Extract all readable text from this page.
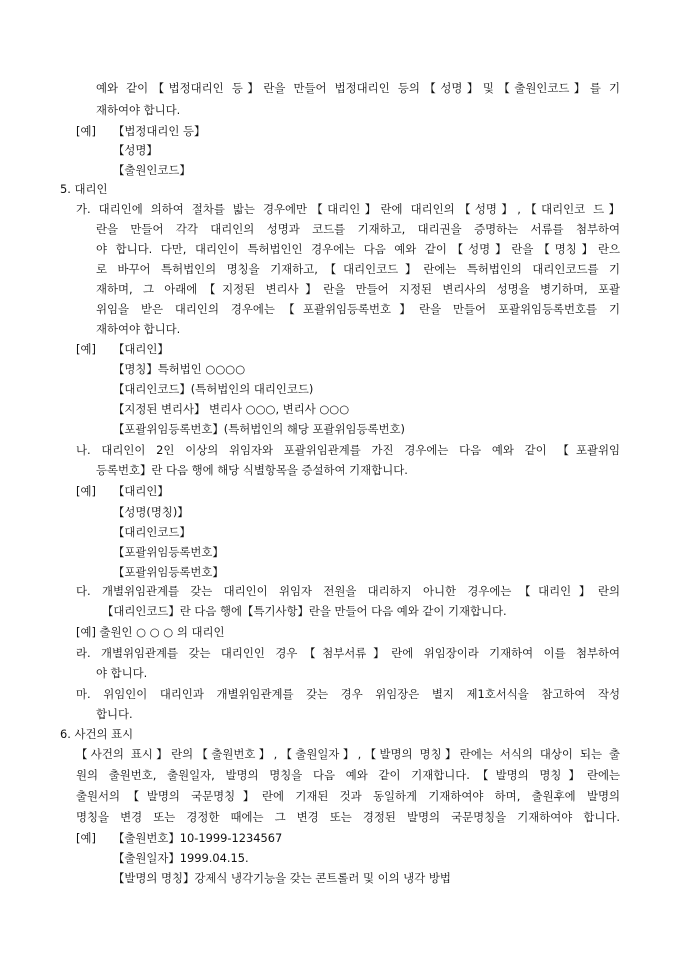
예와 같이【법정대리인 등】란을 만들어 법정대리인 등의【성명】및【출원인코드】를 기
재하여야 합니다.
[예] 【법정대리인 등】
【성명】
【출원인코드】
5. 대리인
가. 대리인에 의하여 절차를 밟는 경우에만【대리인】란에 대리인의【성명】,【대리인코 드】
란을 만들어 각각 대리인의 성명과 코드를 기재하고, 대리권을 증명하는 서류를 첨부하여
야 합니다. 다만, 대리인이 특허법인인 경우에는 다음 예와 같이【성명】란을【명칭】란으
로 바꾸어 특허법인의 명칭을 기재하고,【대리인코드】란에는 특허법인의 대리인코드를 기
재하며, 그 아래에【지정된 변리사】란을 만들어 지정된 변리사의 성명을 병기하며, 포괄
위임을 받은 대리인의 경우에는【포괄위임등록번호】란을 만들어 포괄위임등록번호를 기
재하여야 합니다.
[예] 【대리인】
【명칭】특허법인 ○○○○
【대리인코드】(특허법인의 대리인코드)
【지정된 변리사】 변리사 ○○○, 변리사 ○○○
【포괄위임등록번호】(특허법인의 해당 포괄위임등록번호)
나. 대리인이 2인 이상의 위임자와 포괄위임관계를 가진 경우에는 다음 예와 같이 【포괄위임
등록번호】란 다음 행에 해당 식별항목을 증설하여 기재합니다.
[예] 【대리인】
【성명(명칭)】
【대리인코드】
【포괄위임등록번호】
【포괄위임등록번호】
다. 개별위임관계를 갖는 대리인이 위임자 전원을 대리하지 아니한 경우에는【대리인】란의
【대리인코드】란 다음 행에【특기사항】란을 만들어 다음 예와 같이 기재합니다.
[예] 출원인 ○ ○ ○ 의 대리인
라. 개별위임관계를 갖는 대리인인 경우【첨부서류】란에 위임장이라 기재하여 이를 첨부하여
야 합니다.
마. 위임인이 대리인과 개별위임관계를 갖는 경우 위임장은 별지 제1호서식을 참고하여 작성
합니다.
6. 사건의 표시
【사건의 표시】란의【출원번호】,【출원일자】,【발명의 명칭】란에는 서식의 대상이 되는 출
원의 출원번호, 출원일자, 발명의 명칭을 다음 예와 같이 기재합니다.【발명의 명칭】란에는
출원서의【발명의 국문명칭】란에 기재된 것과 동일하게 기재하여야 하며, 출원후에 발명의
명칭을 변경 또는 경정한 때에는 그 변경 또는 경정된 발명의 국문명칭을 기재하여야 합니다.
[예] 【출원번호】10-1999-1234567
【출원일자】1999.04.15.
【발명의 명칭】강제식 냉각기능을 갖는 콘트롤러 및 이의 냉각 방법
